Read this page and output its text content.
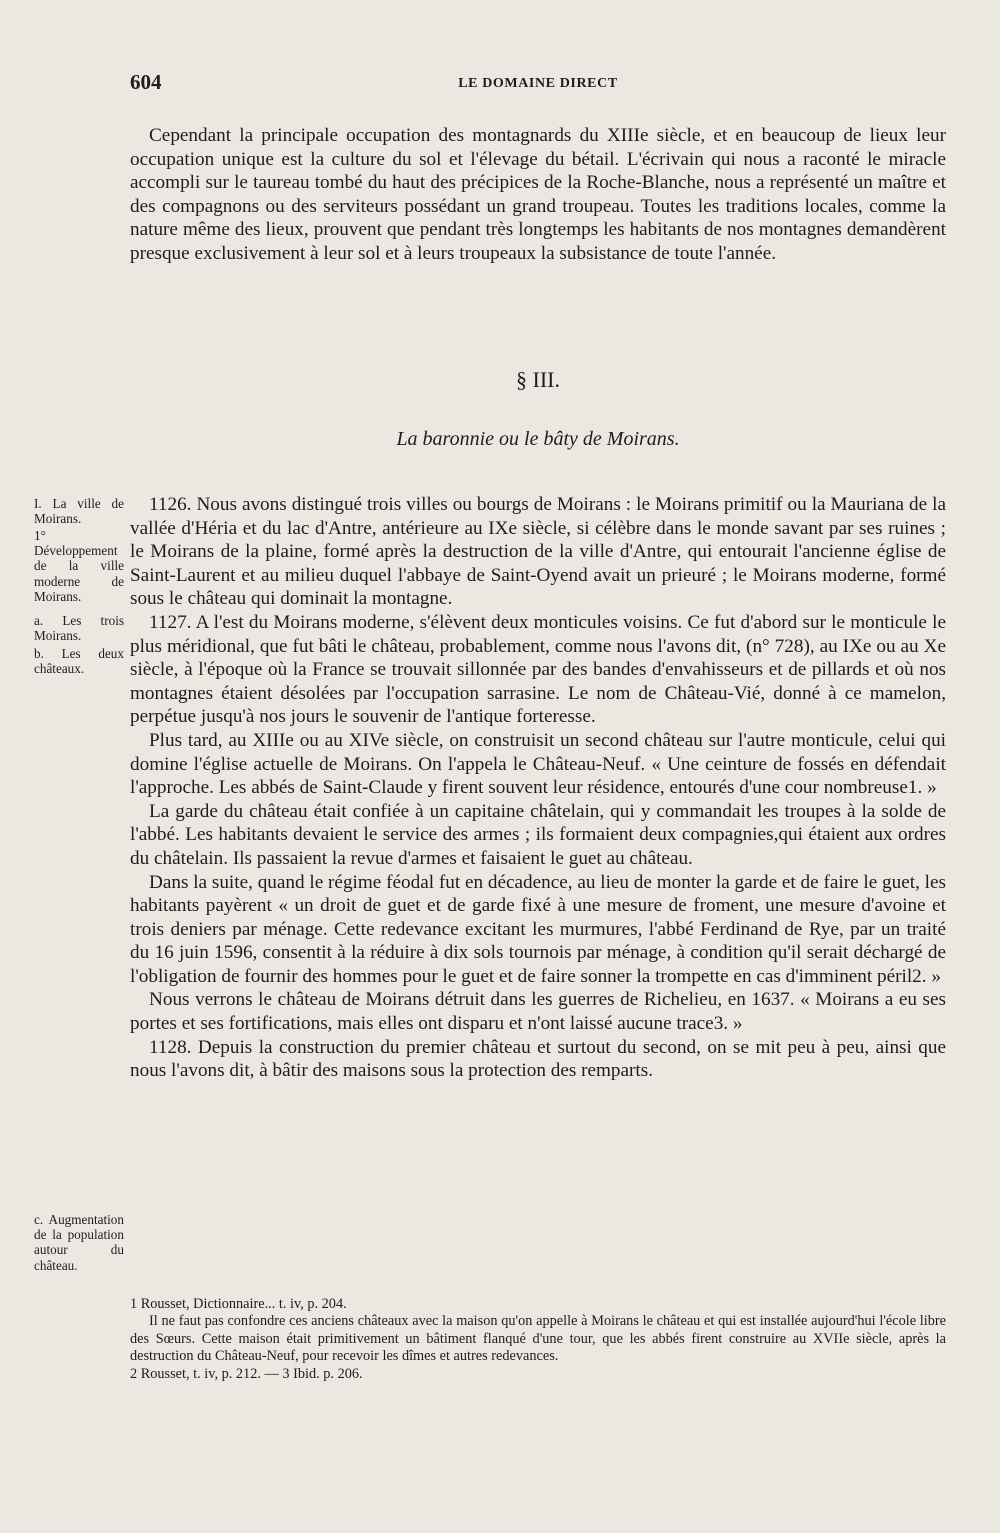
604	LE DOMAINE DIRECT

Cependant la principale occupation des montagnards du XIIIe siècle, et en beaucoup de lieux leur occupation unique est la culture du sol et l'élevage du bétail. L'écrivain qui nous a raconté le miracle accompli sur le taureau tombé du haut des précipices de la Roche-Blanche, nous a représenté un maître et des compagnons ou des serviteurs possédant un grand troupeau. Toutes les traditions locales, comme la nature même des lieux, prouvent que pendant très longtemps les habitants de nos montagnes demandèrent presque exclusivement à leur sol et à leurs troupeaux la subsistance de toute l'année.

§ III.
La baronnie ou le bâty de Moirans.

1126. Nous avons distingué trois villes ou bourgs de Moirans : le Moirans primitif ou la Mauriana de la vallée d'Héria et du lac d'Antre, antérieure au IXe siècle, si célèbre dans le monde savant par ses ruines ; le Moirans de la plaine, formé après la destruction de la ville d'Antre, qui entourait l'ancienne église de Saint-Laurent et au milieu duquel l'abbaye de Saint-Oyend avait un prieuré ; le Moirans moderne, formé sous le château qui dominait la montagne.

1127. A l'est du Moirans moderne, s'élèvent deux monticules voisins. Ce fut d'abord sur le monticule le plus méridional, que fut bâti le château, probablement, comme nous l'avons dit, (n° 728), au IXe ou au Xe siècle, à l'époque où la France se trouvait sillonnée par des bandes d'envahisseurs et de pillards et où nos montagnes étaient désolées par l'occupation sarrasine. Le nom de Château-Vié, donné à ce mamelon, perpétue jusqu'à nos jours le souvenir de l'antique forteresse.

Plus tard, au XIIIe ou au XIVe siècle, on construisit un second château sur l'autre monticule, celui qui domine l'église actuelle de Moirans. On l'appela le Château-Neuf. « Une ceinture de fossés en défendait l'approche. Les abbés de Saint-Claude y firent souvent leur résidence, entourés d'une cour nombreuse1. »

La garde du château était confiée à un capitaine châtelain, qui y commandait les troupes à la solde de l'abbé. Les habitants devaient le service des armes ; ils formaient deux compagnies,qui étaient aux ordres du châtelain. Ils passaient la revue d'armes et faisaient le guet au château.

Dans la suite, quand le régime féodal fut en décadence, au lieu de monter la garde et de faire le guet, les habitants payèrent « un droit de guet et de garde fixé à une mesure de froment, une mesure d'avoine et trois deniers par ménage. Cette redevance excitant les murmures, l'abbé Ferdinand de Rye, par un traité du 16 juin 1596, consentit à la réduire à dix sols tournois par ménage, à condition qu'il serait déchargé de l'obligation de fournir des hommes pour le guet et de faire sonner la trompette en cas d'imminent péril2. »

Nous verrons le château de Moirans détruit dans les guerres de Richelieu, en 1637. « Moirans a eu ses portes et ses fortifications, mais elles ont disparu et n'ont laissé aucune trace3. »

1128. Depuis la construction du premier château et surtout du second, on se mit peu à peu, ainsi que nous l'avons dit, à bâtir des maisons sous la protection des remparts.

I. La ville de Moirans.
1° Développement de la ville moderne de Moirans.
a. Les trois Moirans.
b. Les deux châteaux.
c. Augmentation de la population autour du château.

1 Rousset, Dictionnaire... t. iv, p. 204.

Il ne faut pas confondre ces anciens châteaux avec la maison qu'on appelle à Moirans le château et qui est installée aujourd'hui l'école libre des Sœurs. Cette maison était primitivement un bâtiment flanqué d'une tour, que les abbés firent construire au XVIIe siècle, après la destruction du Château-Neuf, pour recevoir les dîmes et autres redevances.

2 Rousset, t. iv, p. 212. — 3 Ibid. p. 206.
